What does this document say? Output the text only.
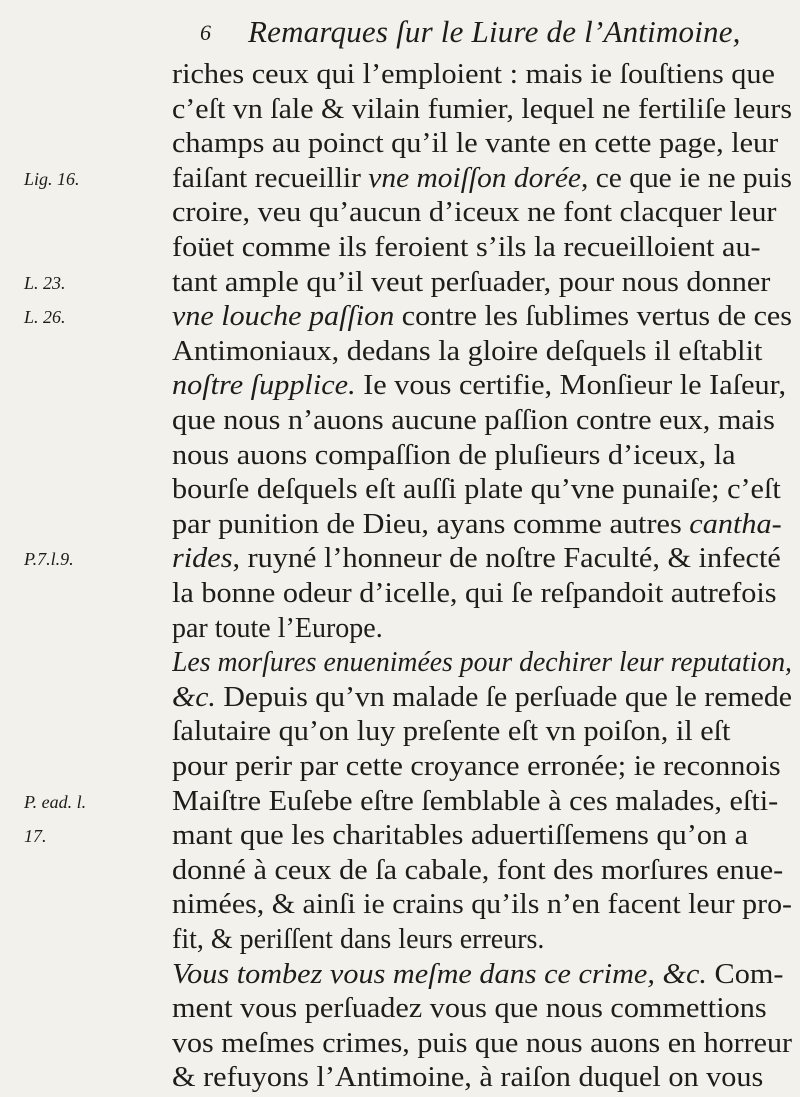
6 Remarques ſur le Liure de l’Antimoine,
Lig. 16.
L. 23.
L. 26.
P.7.l.9.
P. ead. l.
17.
riches ceux qui l’emploient : mais ie ſouſtiens que
c’eſt vn ſale & vilain fumier, lequel ne fertiliſe leurs
champs au poinct qu’il le vante en cette page, leur
faiſant recueillir vne moiſſon dorée, ce que ie ne puis
croire, veu qu’aucun d’iceux ne font clacquer leur
foüet comme ils feroient s’ils la recueilloient au-
tant ample qu’il veut perſuader, pour nous donner
vne louche paſſion contre les ſublimes vertus de ces
Antimoniaux, dedans la gloire deſquels il eſtablit
noſtre ſupplice. Ie vous certifie, Monſieur le Iaſeur,
que nous n’auons aucune paſſion contre eux, mais
nous auons compaſſion de pluſieurs d’iceux, la
bourſe deſquels eſt auſſi plate qu’vne punaiſe; c’eſt
par punition de Dieu, ayans comme autres cantha-
rides, ruyné l’honneur de noſtre Faculté, & infecté
la bonne odeur d’icelle, qui ſe reſpandoit autrefois
par toute l’Europe.
Les morſures enuenimées pour dechirer leur reputation,
&c. Depuis qu’vn malade ſe perſuade que le remede
ſalutaire qu’on luy preſente eſt vn poiſon, il eſt
pour perir par cette croyance erronée; ie reconnois
Maiſtre Euſebe eſtre ſemblable à ces malades, eſti-
mant que les charitables aduertiſſemens qu’on a
donné à ceux de ſa cabale, font des morſures enue-
nimées, & ainſi ie crains qu’ils n’en facent leur pro-
fit, & periſſent dans leurs erreurs.
Vous tombez vous meſme dans ce crime, &c. Com-
ment vous perſuadez vous que nous commettions
vos meſmes crimes, puis que nous auons en horreur
& refuyons l’Antimoine, à raiſon duquel on vous
